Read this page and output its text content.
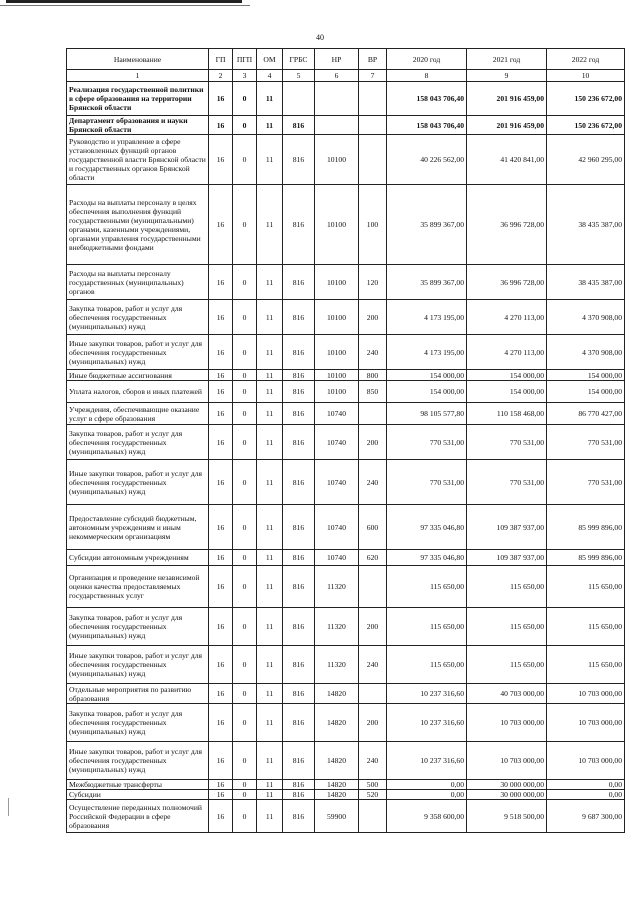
40
Наименование	ГП	ПГП	ОМ	ГРБС	НР	ВР	2020 год	2021 год	2022 год
1	2	3	4	5	6	7	8	9	10
Реализация государственной политики в сфере образования на территории Брянской области	16	0	11				158 043 706,40	201 916 459,00	150 236 672,00
Департамент образования и науки Брянской области	16	0	11	816			158 043 706,40	201 916 459,00	150 236 672,00
Руководство и управление в сфере установленных функций органов государственной власти Брянской области и государственных органов Брянской области	16	0	11	816	10100		40 226 562,00	41 420 841,00	42 960 295,00
Расходы на выплаты персоналу в целях обеспечения выполнения функций государственными (муниципальными) органами, казенными учреждениями, органами управления государственными внебюджетными фондами	16	0	11	816	10100	100	35 899 367,00	36 996 728,00	38 435 387,00
Расходы на выплаты персоналу государственных (муниципальных) органов	16	0	11	816	10100	120	35 899 367,00	36 996 728,00	38 435 387,00
Закупка товаров, работ и услуг для обеспечения государственных (муниципальных) нужд	16	0	11	816	10100	200	4 173 195,00	4 270 113,00	4 370 908,00
Иные закупки товаров, работ и услуг для обеспечения государственных (муниципальных) нужд	16	0	11	816	10100	240	4 173 195,00	4 270 113,00	4 370 908,00
Иные бюджетные ассигнования	16	0	11	816	10100	800	154 000,00	154 000,00	154 000,00
Уплата налогов, сборов и иных платежей	16	0	11	816	10100	850	154 000,00	154 000,00	154 000,00
Учреждения, обеспечивающие оказание услуг в сфере образования	16	0	11	816	10740		98 105 577,80	110 158 468,00	86 770 427,00
Закупка товаров, работ и услуг для обеспечения государственных (муниципальных) нужд	16	0	11	816	10740	200	770 531,00	770 531,00	770 531,00
Иные закупки товаров, работ и услуг для обеспечения государственных (муниципальных) нужд	16	0	11	816	10740	240	770 531,00	770 531,00	770 531,00
Предоставление субсидий бюджетным, автономным учреждениям и иным некоммерческим организациям	16	0	11	816	10740	600	97 335 046,80	109 387 937,00	85 999 896,00
Субсидии автономным учреждениям	16	0	11	816	10740	620	97 335 046,80	109 387 937,00	85 999 896,00
Организация и проведение независимой оценки качества предоставляемых государственных услуг	16	0	11	816	11320		115 650,00	115 650,00	115 650,00
Закупка товаров, работ и услуг для обеспечения государственных (муниципальных) нужд	16	0	11	816	11320	200	115 650,00	115 650,00	115 650,00
Иные закупки товаров, работ и услуг для обеспечения государственных (муниципальных) нужд	16	0	11	816	11320	240	115 650,00	115 650,00	115 650,00
Отдельные мероприятия по развитию образования	16	0	11	816	14820		10 237 316,60	40 703 000,00	10 703 000,00
Закупка товаров, работ и услуг для обеспечения государственных (муниципальных) нужд	16	0	11	816	14820	200	10 237 316,60	10 703 000,00	10 703 000,00
Иные закупки товаров, работ и услуг для обеспечения государственных (муниципальных) нужд	16	0	11	816	14820	240	10 237 316,60	10 703 000,00	10 703 000,00
Межбюджетные трансферты	16	0	11	816	14820	500	0,00	30 000 000,00	0,00
Субсидии	16	0	11	816	14820	520	0,00	30 000 000,00	0,00
Осуществление переданных полномочий Российской Федерации в сфере образования	16	0	11	816	59900		9 358 600,00	9 518 500,00	9 687 300,00
